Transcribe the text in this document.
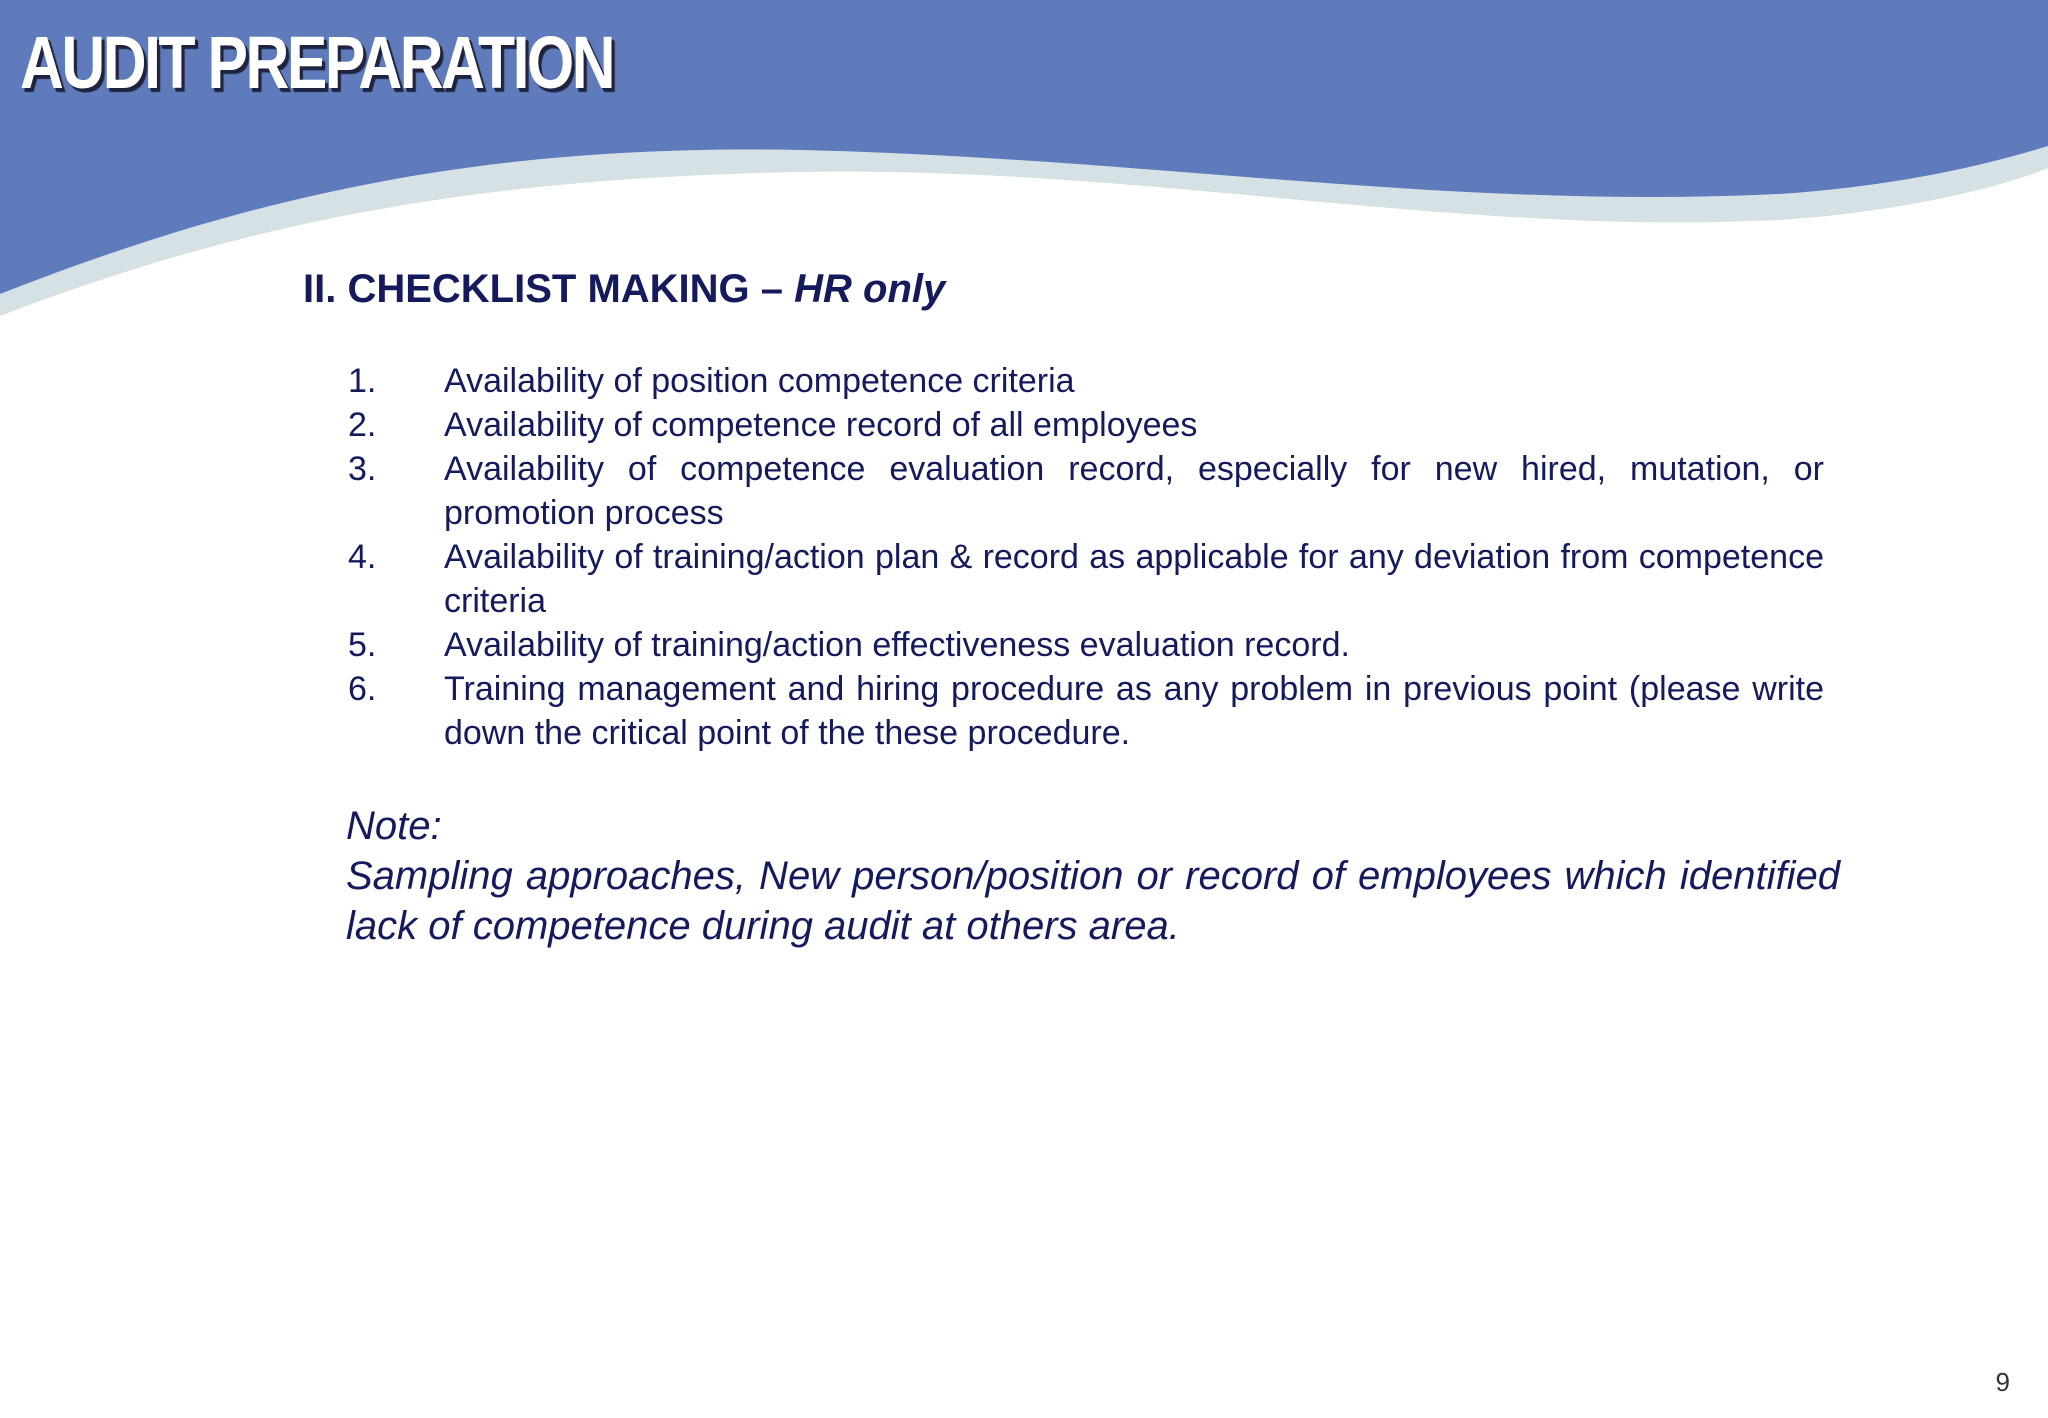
AUDIT PREPARATION
II. CHECKLIST MAKING – HR only
1.	Availability of position competence criteria
2.	Availability of competence record of all employees
3.	Availability of competence evaluation record, especially for new hired, mutation, or promotion process
4.	Availability of training/action plan & record as applicable for any deviation from competence criteria
5.	Availability of training/action effectiveness evaluation record.
6.	Training management and hiring procedure as any problem in previous point (please write down the critical point of the these procedure.
Note:
Sampling approaches, New person/position or record of employees which identified lack of competence during audit at others area.
9
